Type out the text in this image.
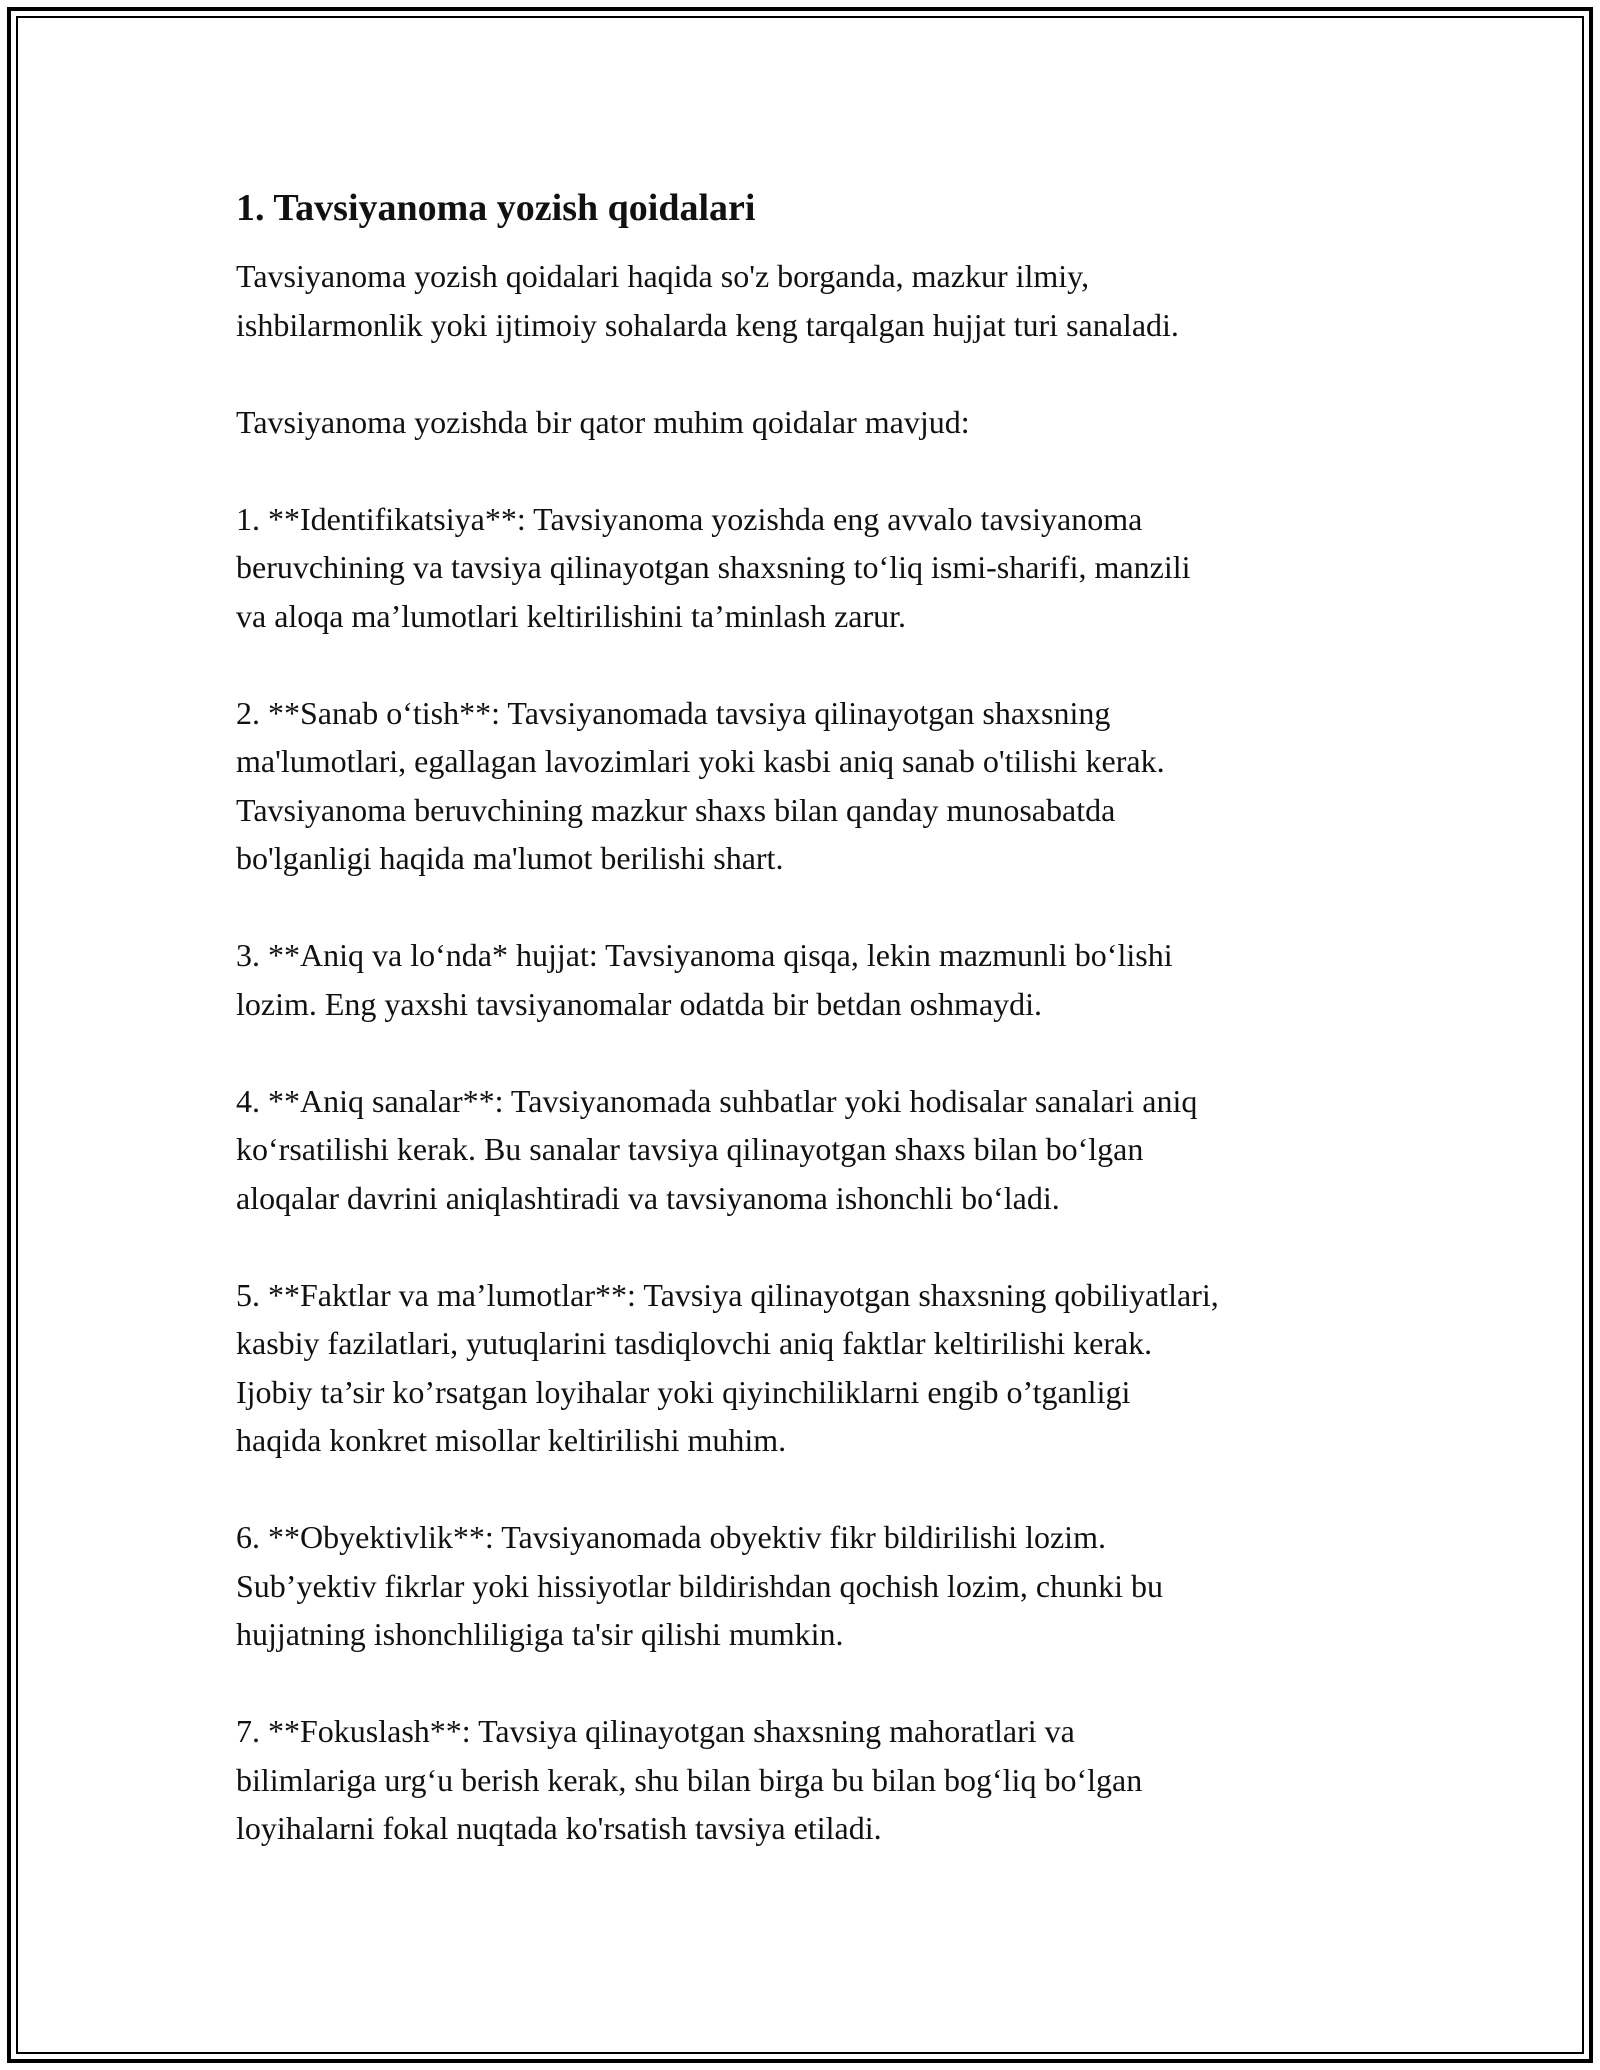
1. Tavsiyanoma yozish qoidalari

Tavsiyanoma yozish qoidalari haqida so'z borganda, mazkur ilmiy,
ishbilarmonlik yoki ijtimoiy sohalarda keng tarqalgan hujjat turi sanaladi.

Tavsiyanoma yozishda bir qator muhim qoidalar mavjud:

1. **Identifikatsiya**: Tavsiyanoma yozishda eng avvalo tavsiyanoma
beruvchining va tavsiya qilinayotgan shaxsning to‘liq ismi-sharifi, manzili
va aloqa ma’lumotlari keltirilishini ta’minlash zarur.

2. **Sanab o‘tish**: Tavsiyanomada tavsiya qilinayotgan shaxsning
ma'lumotlari, egallagan lavozimlari yoki kasbi aniq sanab o'tilishi kerak.
Tavsiyanoma beruvchining mazkur shaxs bilan qanday munosabatda
bo'lganligi haqida ma'lumot berilishi shart.

3. **Aniq va lo‘nda* hujjat: Tavsiyanoma qisqa, lekin mazmunli bo‘lishi
lozim. Eng yaxshi tavsiyanomalar odatda bir betdan oshmaydi.

4. **Aniq sanalar**: Tavsiyanomada suhbatlar yoki hodisalar sanalari aniq
ko‘rsatilishi kerak. Bu sanalar tavsiya qilinayotgan shaxs bilan bo‘lgan
aloqalar davrini aniqlashtiradi va tavsiyanoma ishonchli bo‘ladi.

5. **Faktlar va ma’lumotlar**: Tavsiya qilinayotgan shaxsning qobiliyatlari,
kasbiy fazilatlari, yutuqlarini tasdiqlovchi aniq faktlar keltirilishi kerak.
Ijobiy ta’sir ko’rsatgan loyihalar yoki qiyinchiliklarni engib o’tganligi
haqida konkret misollar keltirilishi muhim.

6. **Obyektivlik**: Tavsiyanomada obyektiv fikr bildirilishi lozim.
Sub’yektiv fikrlar yoki hissiyotlar bildirishdan qochish lozim, chunki bu
hujjatning ishonchliligiga ta'sir qilishi mumkin.

7. **Fokuslash**: Tavsiya qilinayotgan shaxsning mahoratlari va
bilimlariga urg‘u berish kerak, shu bilan birga bu bilan bog‘liq bo‘lgan
loyihalarni fokal nuqtada ko'rsatish tavsiya etiladi.
